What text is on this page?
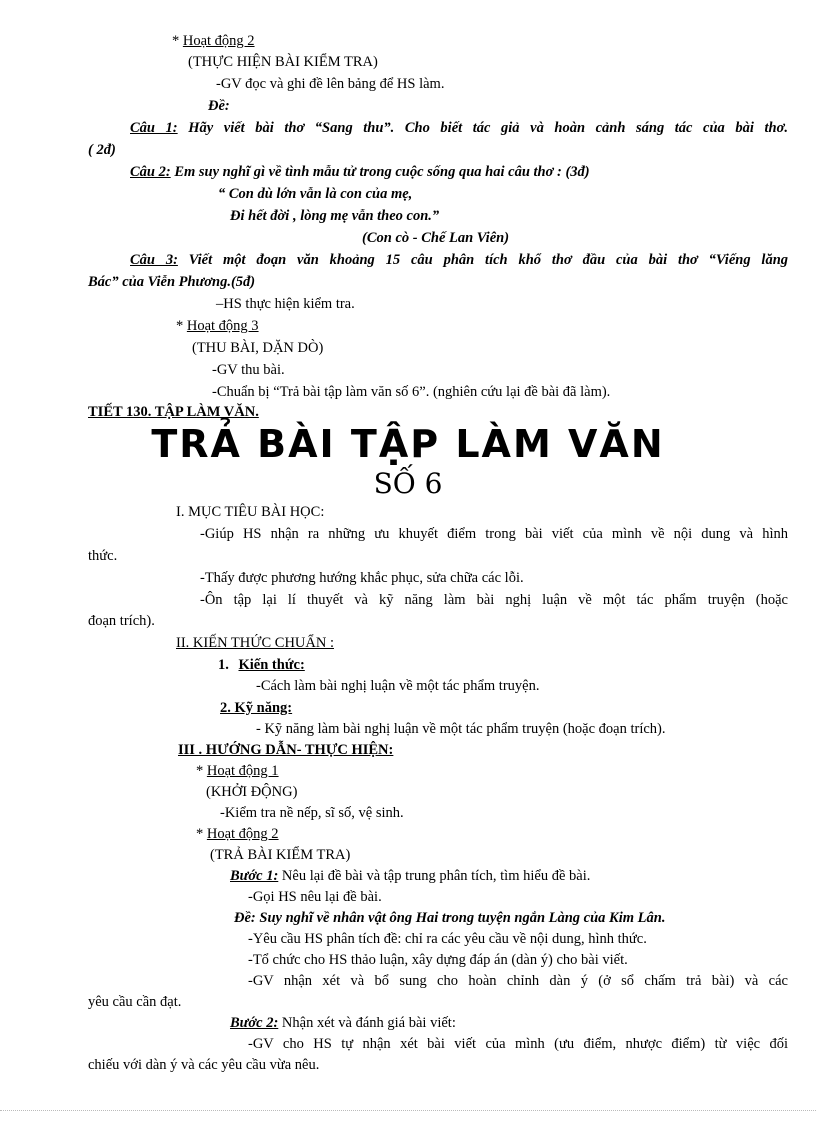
* Hoạt động 2
(THỰC HIỆN BÀI KIỂM TRA)
-GV đọc và ghi đề lên bảng để HS làm.
Đề:
Câu 1: Hãy viết bài thơ “Sang thu”. Cho biết tác giả và hoàn cảnh sáng tác của bài thơ.
( 2đ)
Câu 2: Em suy nghĩ gì về tình mẫu tử trong cuộc sống qua hai câu thơ : (3đ)
“ Con dù lớn vẫn là con của mẹ,
Đi hết đời , lòng mẹ vẫn theo con.”
(Con cò - Chế Lan Viên)
Câu 3: Viết một đoạn văn khoảng 15 câu phân tích khổ thơ đầu của bài thơ “Viếng lăng
Bác” của Viễn Phương.(5đ)
–HS thực hiện kiểm tra.
* Hoạt động 3
(THU BÀI, DẶN DÒ)
-GV thu bài.
-Chuẩn bị “Trả bài tập làm văn số 6”. (nghiên cứu lại đề bài đã làm).
TIẾT 130. TẬP LÀM VĂN.
TRẢ BÀI TẬP LÀM VĂN
SỐ 6
I. MỤC TIÊU BÀI HỌC:
-Giúp HS nhận ra những ưu khuyết điểm trong bài viết của mình về nội dung và hình
thức.
-Thấy được phương hướng khắc phục, sửa chữa các lỗi.
-Ôn tập lại lí thuyết và kỹ năng làm bài nghị luận về một tác phẩm truyện (hoặc
đoạn trích).
II. KIẾN THỨC CHUẨN :
1. Kiến thức:
-Cách làm bài nghị luận về một tác phẩm truyện.
2. Kỹ năng:
- Kỹ năng làm bài nghị luận về một tác phẩm truyện (hoặc đoạn trích).
III . HƯỚNG DẪN- THỰC HIỆN:
* Hoạt động 1
(KHỞI ĐỘNG)
-Kiểm tra nề nếp, sĩ số, vệ sinh.
* Hoạt động 2
(TRẢ BÀI KIỂM TRA)
Bước 1: Nêu lại đề bài và tập trung phân tích, tìm hiểu đề bài.
-Gọi HS nêu lại đề bài.
Đề: Suy nghĩ về nhân vật ông Hai trong tuyện ngắn Làng của Kim Lân.
-Yêu cầu HS phân tích đề: chỉ ra các yêu cầu về nội dung, hình thức.
-Tổ chức cho HS thảo luận, xây dựng đáp án (dàn ý) cho bài viết.
-GV nhận xét và bổ sung cho hoàn chỉnh dàn ý (ở sổ chấm trả bài) và các
yêu cầu cần đạt.
Bước 2: Nhận xét và đánh giá bài viết:
-GV cho HS tự nhận xét bài viết của mình (ưu điểm, nhược điểm) từ việc đối
chiếu với dàn ý và các yêu cầu vừa nêu.
